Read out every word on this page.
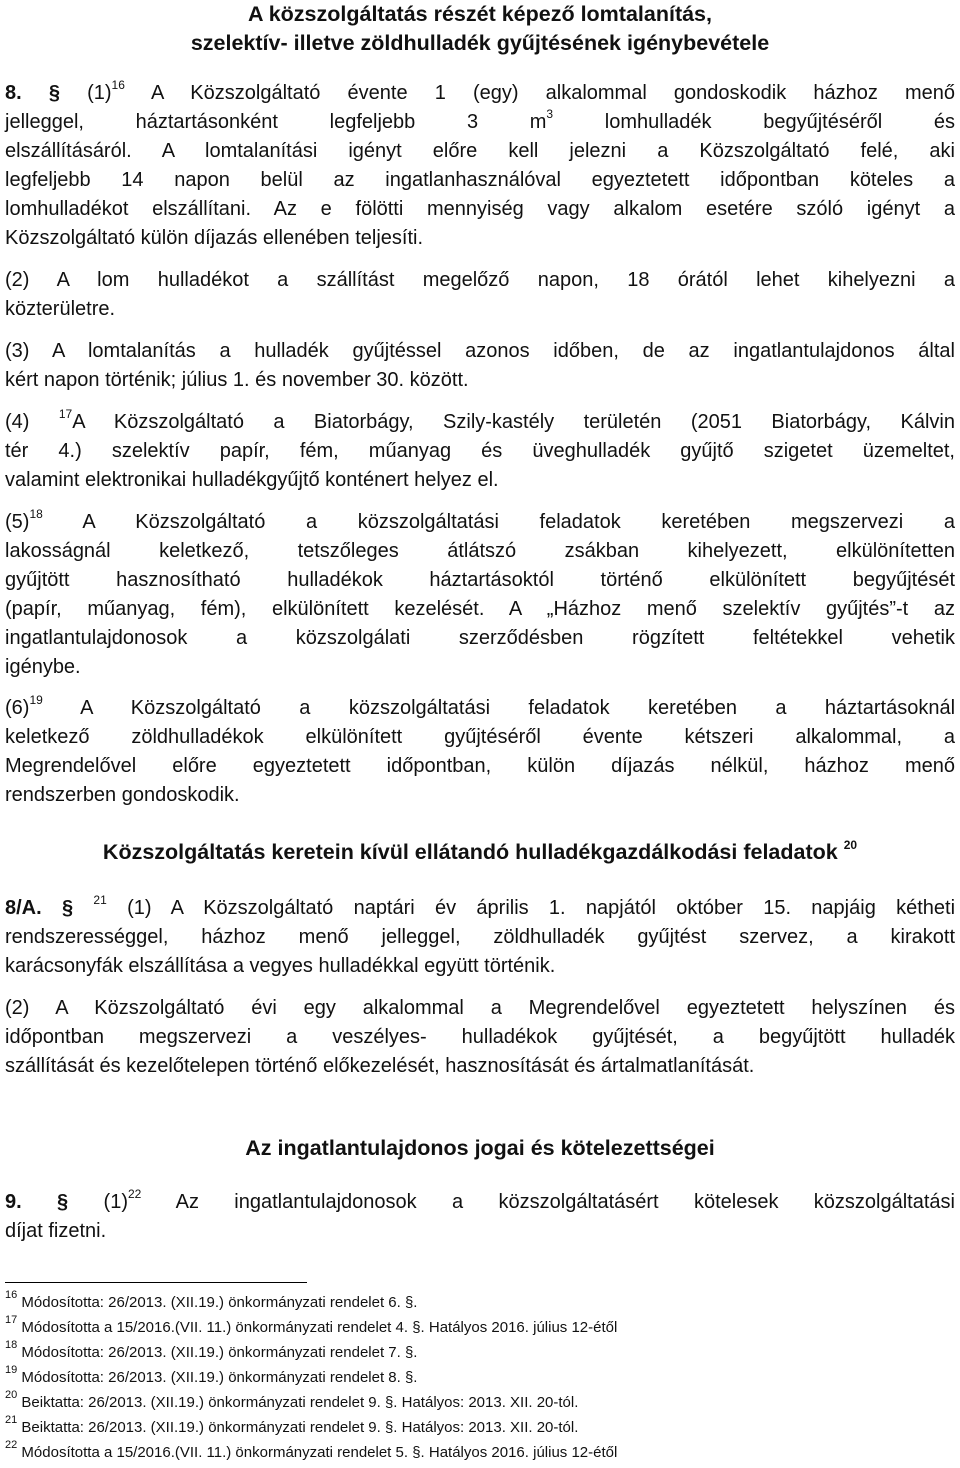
A közszolgáltatás részét képező lomtalanítás,
szelektív- illetve zöldhulladék gyűjtésének igénybevétele
8. § $(1)^{16}$ A Közszolgáltató évente 1 (egy) alkalommal gondoskodik házhoz menő
jelleggel, háztartásonként legfeljebb 3 $m^3$	lomhulladék begyűjtéséről és
elszállításáról. A lomtalanítási igényt előre kell jelezni a Közszolgáltató felé, aki
legfeljebb 14 napon belül az ingatlanhasználóval egyeztetett időpontban köteles a
lomhulladékot elszállítani. Az e fölötti mennyiség vagy alkalom esetére szóló igényt a
Közszolgáltató külön díjazás ellenében teljesíti.
(2) A lom hulladékot a szállítást megelőző napon, 18 órától lehet kihelyezni a
közterületre.
(3) A lomtalanítás a hulladék gyűjtéssel azonos időben, de az ingatlantulajdonos által
kért napon történik; július 1. és november 30. között.
(4) $^{17}$A Közszolgáltató a Biatorbágy, Szily-kastély területén (2051 Biatorbágy, Kálvin
tér 4.) szelektív papír, fém, műanyag és üveghulladék gyűjtő szigetet üzemeltet,
valamint elektronikai hulladékgyűjtő konténert helyez el.
$(5)^{18}$ A Közszolgáltató a közszolgáltatási feladatok keretében megszervezi a
lakosságnál keletkező, tetszőleges átlátszó zsákban kihelyezett, elkülönítetten
gyűjtött hasznosítható hulladékok háztartásoktól történő elkülönített begyűjtését
(papír, műanyag, fém), elkülönített kezelését. A „Házhoz menő szelektív gyűjtés”-t az
ingatlantulajdonosok a közszolgálati szerződésben rögzített feltétekkel vehetik
igénybe.
$(6)^{19}$ A Közszolgáltató a közszolgáltatási feladatok keretében a háztartásoknál
keletkező zöldhulladékok elkülönített gyűjtéséről évente kétszeri alkalommal, a
Megrendelővel előre egyeztetett időpontban, külön díjazás nélkül, házhoz menő
rendszerben gondoskodik.
Közszolgáltatás keretein kívül ellátandó hulladékgazdálkodási feladatok $^{20}$
8/A. § $^{21}$ (1) A Közszolgáltató naptári év április 1. napjától október 15. napjáig kétheti
rendszerességgel, házhoz menő jelleggel, zöldhulladék gyűjtést szervez, a kirakott
karácsonyfák elszállítása a vegyes hulladékkal együtt történik.
(2) A Közszolgáltató évi egy alkalommal a Megrendelővel egyeztetett helyszínen és
időpontban megszervezi a veszélyes- hulladékok gyűjtését, a begyűjtött hulladék
szállítását és kezelőtelepen történő előkezelését, hasznosítását és ártalmatlanítását.
Az ingatlantulajdonos jogai és kötelezettségei
9. § $(1)^{22}$ Az ingatlantulajdonosok a közszolgáltatásért kötelesek közszolgáltatási
díjat fizetni.
$^{16}$ Módosította: 26/2013. (XII.19.) önkormányzati rendelet 6. §.
$^{17}$ Módosította a 15/2016.(VII. 11.) önkormányzati rendelet 4. §. Hatályos 2016. július 12-étől
$^{18}$ Módosította: 26/2013. (XII.19.) önkormányzati rendelet 7. §.
$^{19}$ Módosította: 26/2013. (XII.19.) önkormányzati rendelet 8. §.
$^{20}$ Beiktatta: 26/2013. (XII.19.) önkormányzati rendelet 9. §. Hatályos: 2013. XII. 20-tól.
$^{21}$ Beiktatta: 26/2013. (XII.19.) önkormányzati rendelet 9. §. Hatályos: 2013. XII. 20-tól.
$^{22}$ Módosította a 15/2016.(VII. 11.) önkormányzati rendelet 5. §. Hatályos 2016. július 12-étől
